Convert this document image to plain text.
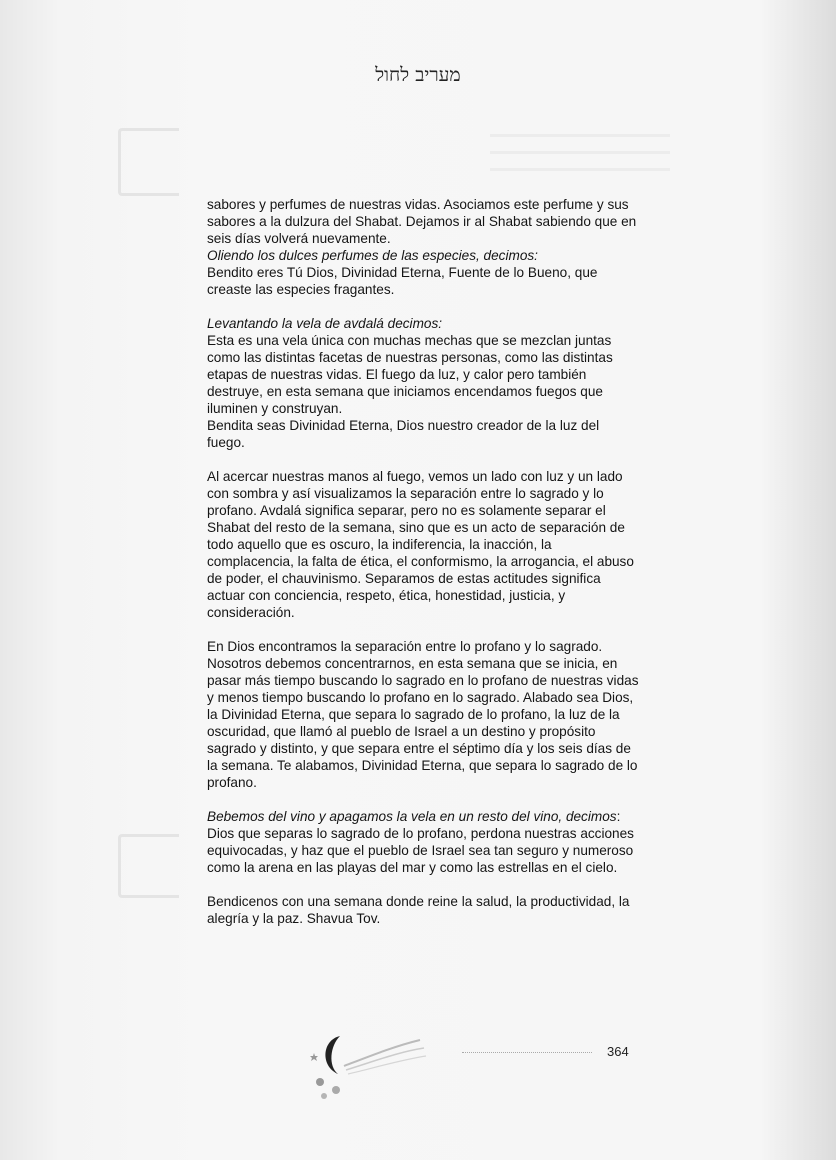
מעריב לחול

sabores y perfumes de nuestras vidas. Asociamos este perfume y sus sabores a la dulzura del Shabat. Dejamos ir al Shabat sabiendo que en seis días volverá nuevamente.

Oliendo los dulces perfumes de las especies, decimos:

Bendito eres Tú Dios, Divinidad Eterna, Fuente de lo Bueno, que creaste las especies fragantes.

Levantando la vela de avdalá decimos:

Esta es una vela única con muchas mechas que se mezclan juntas como las distintas facetas de nuestras personas, como las distintas etapas de nuestras vidas. El fuego da luz, y calor pero también destruye, en esta semana que iniciamos encendamos fuegos que iluminen y construyan.

Bendita seas Divinidad Eterna, Dios nuestro creador de la luz del fuego.

Al acercar nuestras manos al fuego, vemos un lado con luz y un lado con sombra y así visualizamos la separación entre lo sagrado y lo profano. Avdalá significa separar, pero no es solamente separar el Shabat del resto de la semana, sino que es un acto de separación de todo aquello que es oscuro, la indiferencia, la inacción, la complacencia, la falta de ética, el conformismo, la arrogancia, el abuso de poder, el chauvinismo. Separamos de estas actitudes significa actuar con conciencia, respeto, ética, honestidad, justicia, y consideración.

En Dios encontramos la separación entre lo profano y lo sagrado. Nosotros debemos concentrarnos, en esta semana que se inicia, en pasar más tiempo buscando lo sagrado en lo profano de nuestras vidas y menos tiempo buscando lo profano en lo sagrado. Alabado sea Dios, la Divinidad Eterna, que separa lo sagrado de lo profano, la luz de la oscuridad, que llamó al pueblo de Israel a un destino y propósito sagrado y distinto, y que separa entre el séptimo día y los seis días de la semana. Te alabamos, Divinidad Eterna, que separa lo sagrado de lo profano.

Bebemos del vino y apagamos la vela en un resto del vino, decimos:

Dios que separas lo sagrado de lo profano, perdona nuestras acciones equivocadas, y haz que el pueblo de Israel sea tan seguro y numeroso como la arena en las playas del mar y como las estrellas en el cielo.

Bendicenos con una semana donde reine la salud, la productividad, la alegría y la paz. Shavua Tov.

364
